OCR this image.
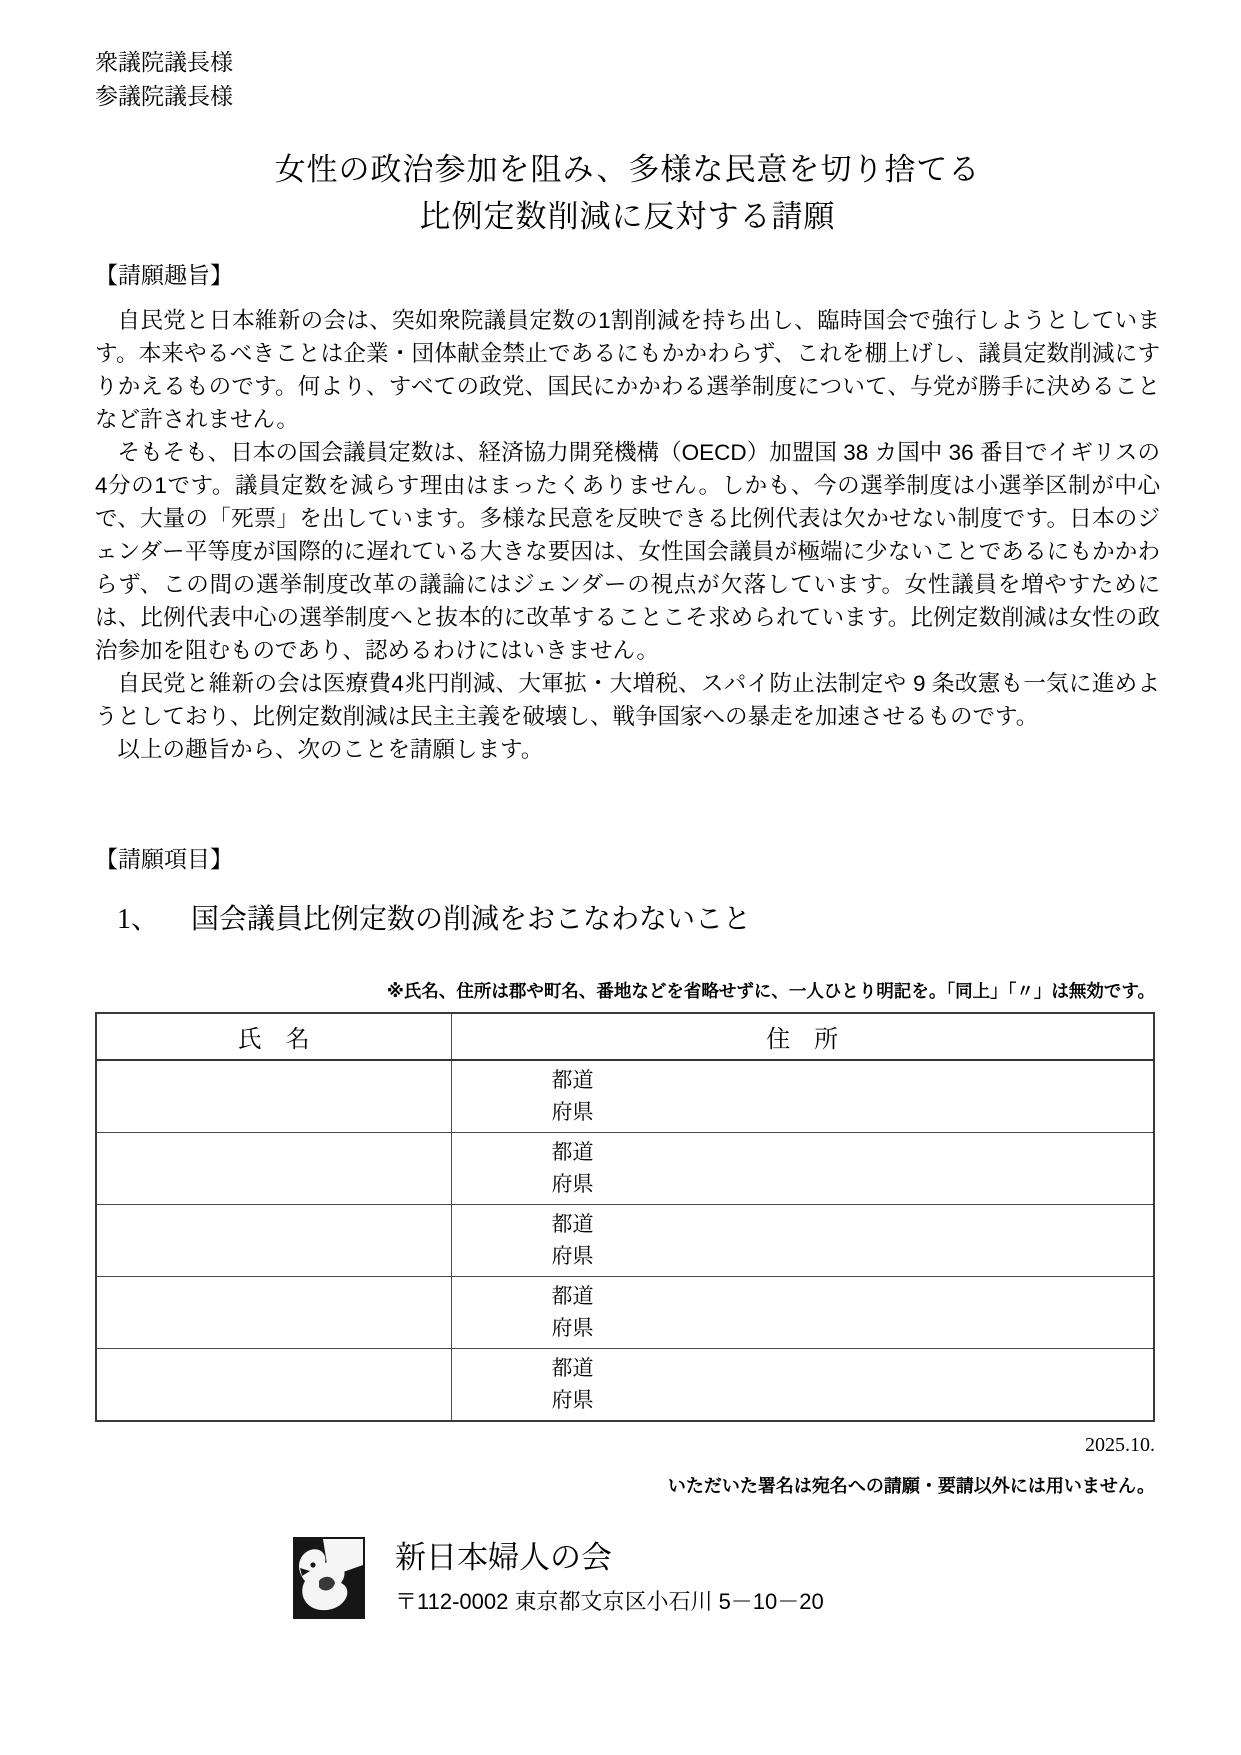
衆議院議長様
参議院議長様
女性の政治参加を阻み、多様な民意を切り捨てる
比例定数削減に反対する請願
【請願趣旨】

自民党と日本維新の会は、突如衆院議員定数の1割削減を持ち出し、臨時国会で強行しようとしています。本来やるべきことは企業・団体献金禁止であるにもかかわらず、これを棚上げし、議員定数削減にすりかえるものです。何より、すべての政党、国民にかかわる選挙制度について、与党が勝手に決めることなど許されません。

そもそも、日本の国会議員定数は、経済協力開発機構（OECD）加盟国 38 カ国中 36 番目でイギリスの4分の1です。議員定数を減らす理由はまったくありません。しかも、今の選挙制度は小選挙区制が中心で、大量の「死票」を出しています。多様な民意を反映できる比例代表は欠かせない制度です。日本のジェンダー平等度が国際的に遅れている大きな要因は、女性国会議員が極端に少ないことであるにもかかわらず、この間の選挙制度改革の議論にはジェンダーの視点が欠落しています。女性議員を増やすためには、比例代表中心の選挙制度へと抜本的に改革することこそ求められています。比例定数削減は女性の政治参加を阻むものであり、認めるわけにはいきません。

自民党と維新の会は医療費4兆円削減、大軍拡・大増税、スパイ防止法制定や 9 条改憲も一気に進めようとしており、比例定数削減は民主主義を破壊し、戦争国家への暴走を加速させるものです。

以上の趣旨から、次のことを請願します。

【請願項目】
1、 国会議員比例定数の削減をおこなわないこと
※氏名、住所は郡や町名、番地などを省略せずに、一人ひとり明記を。「同上」「〃」は無効です。
氏　名	住　所

	都道
府県

	都道
府県

	都道
府県

	都道
府県

	都道
府県
2025.10.
いただいた署名は宛名への請願・要請以外には用いません。
新日本婦人の会
〒112-0002 東京都文京区小石川 5－10－20
